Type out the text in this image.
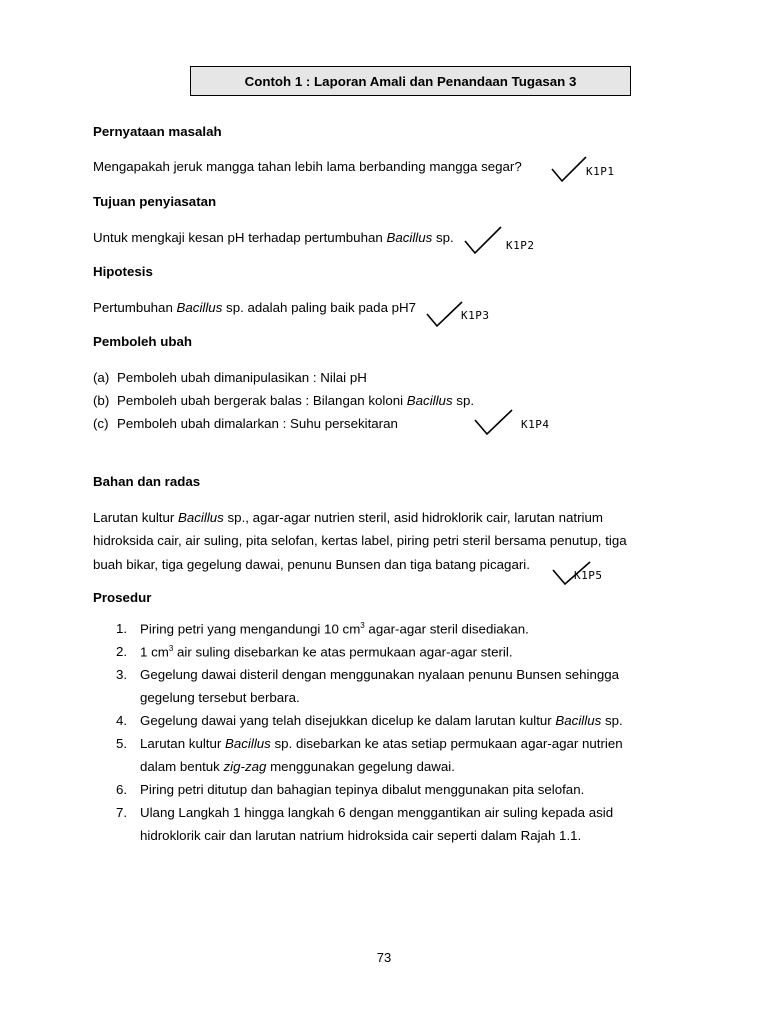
Contoh 1 : Laporan Amali dan Penandaan Tugasan 3
Pernyataan masalah
Mengapakah jeruk mangga tahan lebih lama berbanding mangga segar?	K1P1
Tujuan penyiasatan
Untuk mengkaji kesan pH terhadap pertumbuhan Bacillus sp.
K1P2
Hipotesis
Pertumbuhan Bacillus sp. adalah paling baik pada pH7
K1P3
Pemboleh ubah
(a) Pemboleh ubah dimanipulasikan : Nilai pH
(b) Pemboleh ubah bergerak balas : Bilangan koloni Bacillus sp.
(c) Pemboleh ubah dimalarkan : Suhu persekitaran	K1P4
Bahan dan radas
Larutan kultur Bacillus sp., agar-agar nutrien steril, asid hidroklorik cair, larutan natrium
hidroksida cair, air suling, pita selofan, kertas label, piring petri steril bersama penutup, tiga
buah bikar, tiga gegelung dawai, penunu Bunsen dan tiga batang picagari.
K1P5
Prosedur
1. Piring petri yang mengandungi 10 $cm^3$ agar-agar steril disediakan.
2. 1 $cm^3$ air suling disebarkan ke atas permukaan agar-agar steril.
3. Gegelung dawai disteril dengan menggunakan nyalaan penunu Bunsen sehingga
gegelung tersebut berbara.
4. Gegelung dawai yang telah disejukkan dicelup ke dalam larutan kultur Bacillus sp.
5. Larutan kultur Bacillus sp. disebarkan ke atas setiap permukaan agar-agar nutrien
dalam bentuk zig-zag menggunakan gegelung dawai.
6. Piring petri ditutup dan bahagian tepinya dibalut menggunakan pita selofan.
7. Ulang Langkah 1 hingga langkah 6 dengan menggantikan air suling kepada asid
hidroklorik cair dan larutan natrium hidroksida cair seperti dalam Rajah 1.1.
73
